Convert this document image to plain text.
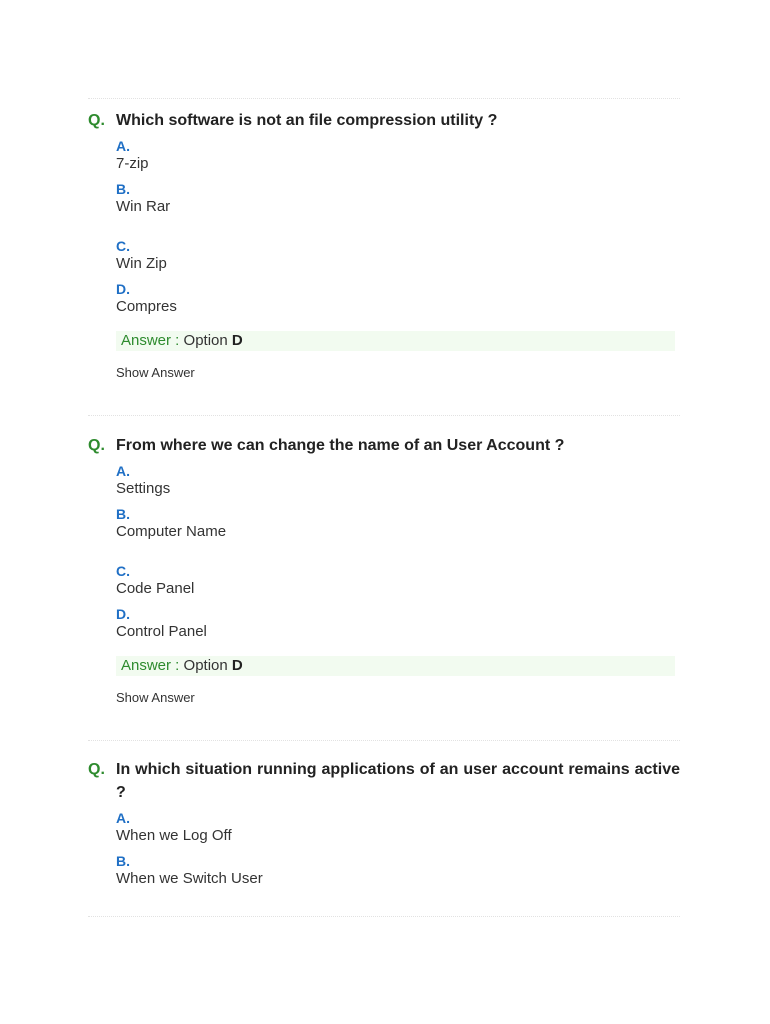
Q. Which software is not an file compression utility ?
A.
7-zip
B.
Win Rar
C.
Win Zip
D.
Compres
Answer : Option D
Show Answer
Q. From where we can change the name of an User Account ?
A.
Settings
B.
Computer Name
C.
Code Panel
D.
Control Panel
Answer : Option D
Show Answer
Q. In which situation running applications of an user account remains active ?
A.
When we Log Off
B.
When we Switch User
